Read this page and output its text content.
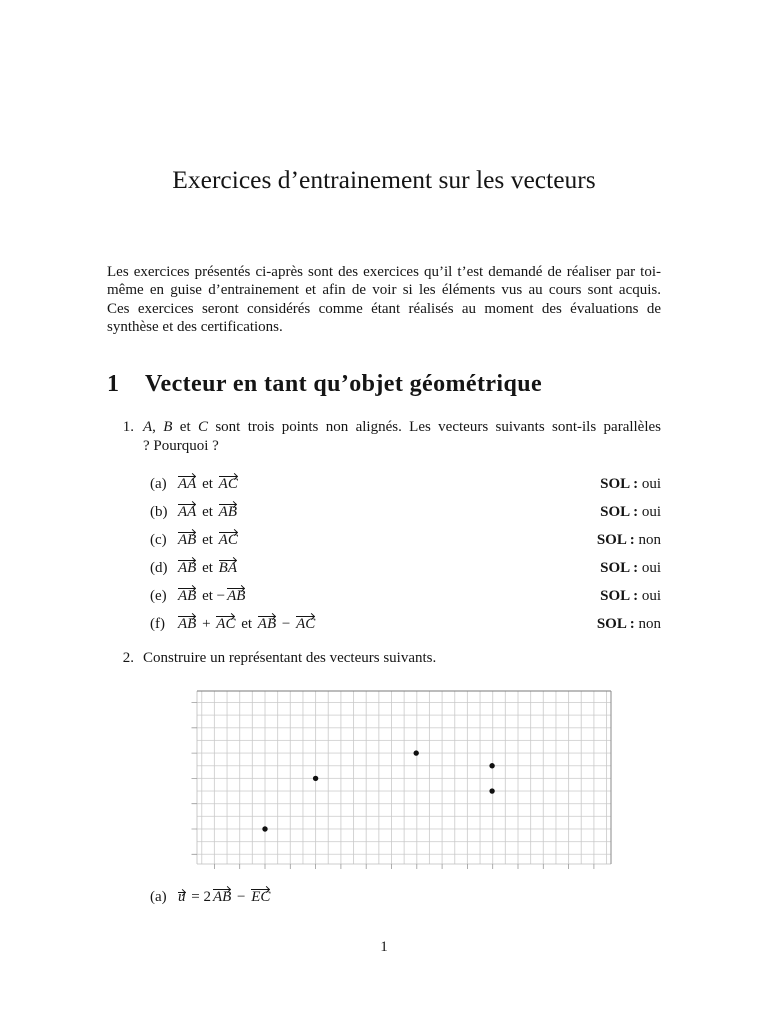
Exercices d’entrainement sur les vecteurs
Les exercices présentés ci-après sont des exercices qu’il t’est demandé de réaliser par toi-
même en guise d’entrainement et afin de voir si les éléments vus au cours sont acquis.
Ces exercices seront considérés comme étant réalisés au moment des évaluations de
synthèse et des certifications.
1 Vecteur en tant qu’objet géométrique
1. A, B et C sont trois points non alignés. Les vecteurs suivants sont-ils parallèles
? Pourquoi ?
(a) AA et AC	SOL : oui
(b) AA et AB	SOL : oui
(c) AB et AC	SOL : non
(d) AB et BA	SOL : oui
(e) AB et − AB	SOL : oui
(f) AB + AC et AB − AC	SOL : non
2. Construire un représentant des vecteurs suivants.
(a) u = 2 AB − EC
1
